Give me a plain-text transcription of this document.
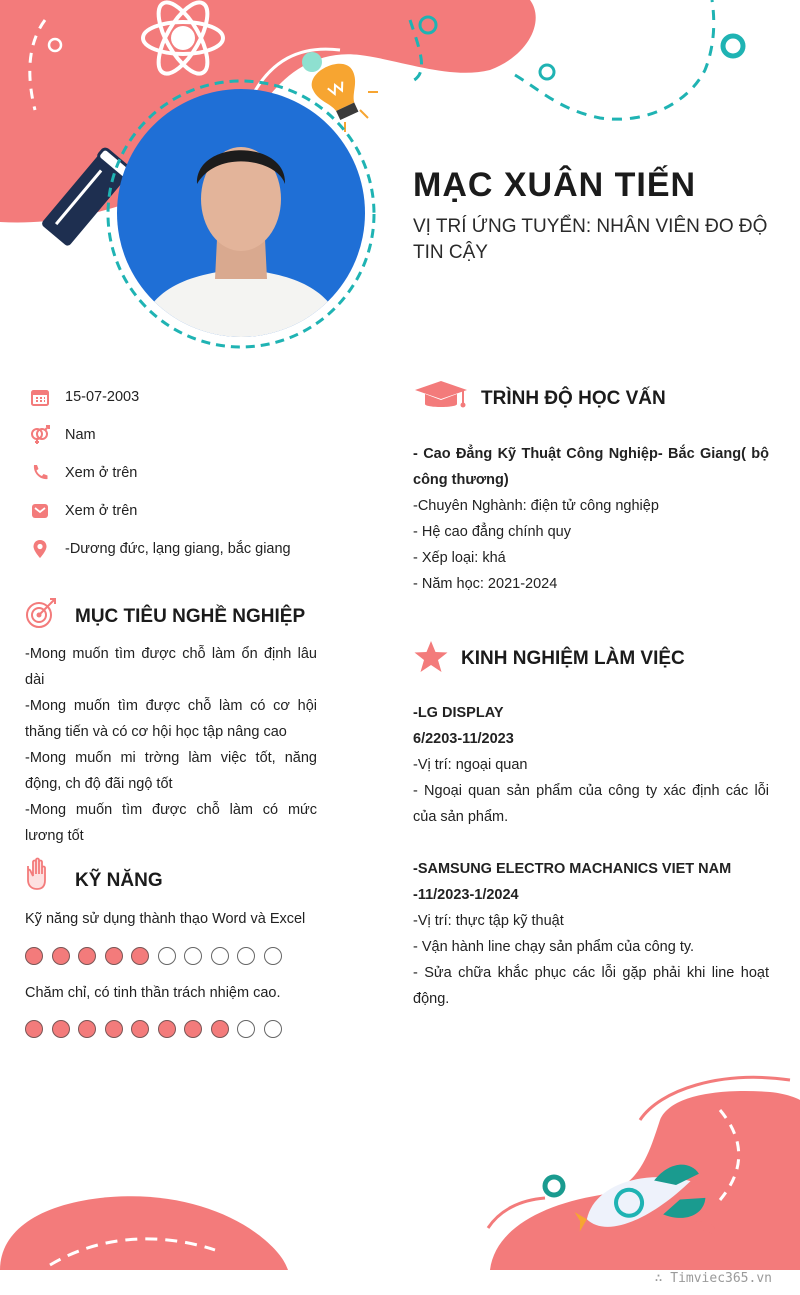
MẠC XUÂN TIẾN
VỊ TRÍ ỨNG TUYỂN: NHÂN VIÊN ĐO ĐỘ TIN CẬY
15-07-2003
Nam
Xem ở trên
Xem ở trên
-Dương đức, lạng giang, bắc giang
MỤC TIÊU NGHỀ NGHIỆP

-Mong muốn tìm được chỗ làm ổn định lâu dài

-Mong muốn tìm được chỗ làm có cơ hội thăng tiến và có cơ hội học tập nâng cao

-Mong muốn mi trờng làm việc tốt, năng động, ch độ đãi ngộ tốt

-Mong muốn tìm được chỗ làm có mức lương tốt

KỸ NĂNG
Kỹ năng sử dụng thành thạo Word và Excel
Chăm chỉ, có tinh thần trách nhiệm cao.
TRÌNH ĐỘ HỌC VẤN

- Cao Đẳng Kỹ Thuật Công Nghiệp- Bắc Giang( bộ công thương)

-Chuyên Nghành: điện tử công nghiệp

- Hệ cao đẳng chính quy

- Xếp loại: khá

- Năm học: 2021-2024

KINH NGHIỆM LÀM VIỆC

-LG DISPLAY

6/2203-11/2023

-Vị trí: ngoại quan

- Ngoại quan sản phẩm của công ty xác định các lỗi của sản phẩm.

-SAMSUNG ELECTRO MACHANICS VIET NAM

-11/2023-1/2024

-Vị trí: thực tập kỹ thuật

- Vận hành line chạy sản phẩm của công ty.

- Sửa chữa khắc phục các lỗi gặp phải khi line hoạt động.

∴ Timviec365.vn
